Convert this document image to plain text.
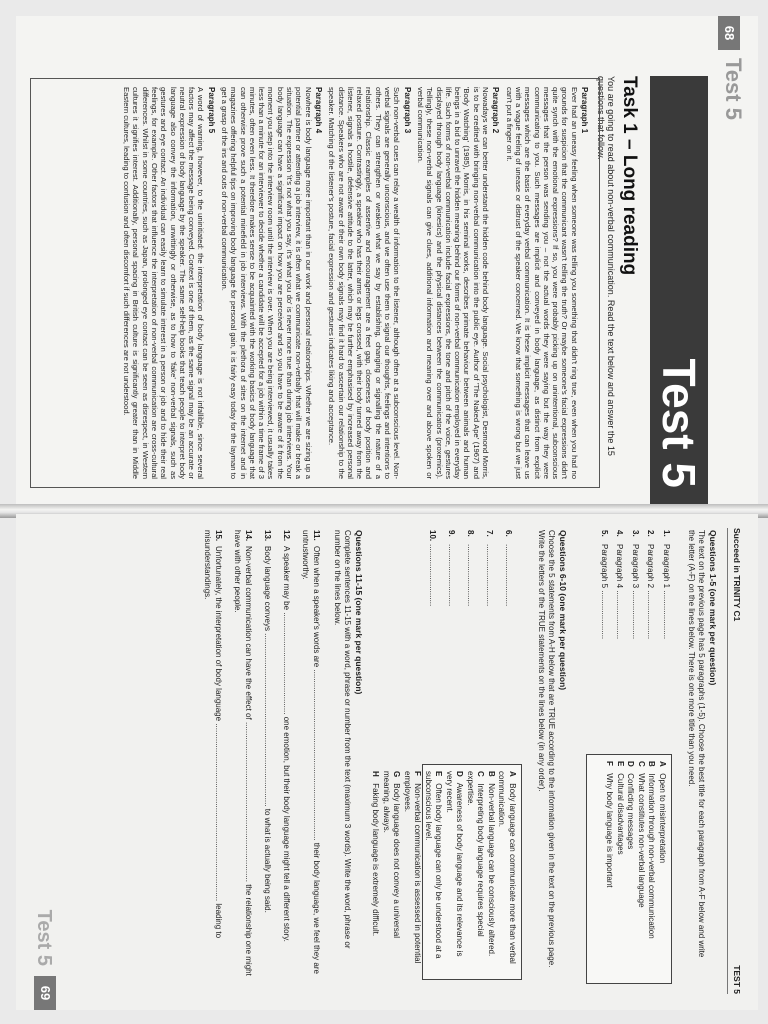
68
Test 5
Test 5
Task 1 – Long reading
You are going to read about non-verbal communication. Read the text below and answer the 15 questions that follow.
Paragraph 1
Ever had an uneasy feeling when someone was telling you something that didn't ring true, even when you had no grounds for suspicion that the communicant wasn't telling the truth? Or maybe someone's facial expressions didn't quite synch with the emotional expressions? If so, you were probably picking up on unintentional, subconscious messages that the person was sending you – not the actual words they were saying but the way they were communicating to you. Such messages are implicit and conveyed in body language, as distinct from explicit messages which are the basis of everyday verbal communication. It is these implicit messages that can leave us with a vague feeling of unease or distrust of the speaker concerned. We know that something is wrong but we just can't put a finger on it.
Paragraph 2
Nowadays we can better understand the hidden code behind body language. Social psychologist, Desmond Morris, is to be credited with bringing non-verbal communication into the public eye. Author of 'The Naked Ape' (1967) and 'Body Watching' (1985), Morris, in his seminal works, describes primate behaviour between animals and human beings in a bid to unravel the hidden meaning behind our forms of non-verbal communication employed in everyday life. Such forms of non-verbal communication include facial expressions, the tone and pitch of the voice, gestures displayed through body language (kinesics) and the physical distances between the communicators (proxemics). Tellingly, these non-verbal signals can give clues, additional information and meaning over and above spoken or verbal communication.
Paragraph 3
Such non-verbal cues can relay a wealth of information to the listener, although often at a subconscious level. Non-verbal signals are generally unconscious, and we often use them to signal our thoughts, feelings and intentions to others. They can strengthen or weaken what we say by establishing, changing or signalling the nature of a relationship. Classic examples of assertive and encouragement are a feet gap, closeness of body position and relaxed posture. Contrastingly, a speaker who has their arms or legs crossed, with their body turned away from the listener, signals a hostile, defensive attitude to the latter, which may be further emphasised by increased personal distance. Speakers who are not aware of their own body signals may find it hard to ascertain our relationship to the speaker. Matching of the listener's posture, facial expression and gestures indicates liking and acceptance.
Paragraph 4
Nowhere is body language more important than in our work and personal relationships. Whether we are sizing up a potential partner or attending a job interview, it is often what we communicate non-verbally that will make or break a situation. The expression 'it's not what you say, it's what you do' is never more true than during job interviews. Your body language can have a significant impact on how you are perceived and so you have to be aware of it from the moment you step into the interview room until the interview is over. When you are being interviewed, it usually takes less than a minute for an interviewer to decide whether a candidate will be accepted for a job within a time frame of 3 minutes, often even less. It therefore makes sense to be acquainted with the working basics of body language that can otherwise prove such a potential minefield in job interviews. With the plethora of sites on the internet and in magazines offering helpful tips on improving body language for personal gain, it is fairly easy today for the layman to get a grasp of the ins and outs of non-verbal communication.
Paragraph 5
A word of warning, however, to the uninitiated: the interpretation of body language is not infallible, since several factors may affect the message being conveyed. Context is one of them, as the same signal may be an accurate or neutral expression of body language by the speaker. The same self-help books that teach people to interpret body language also convey the information, unwittingly or otherwise, as to how to 'fake' non-verbal signals, such as gestures and eye contact. An individual can easily learn to simulate interest in a person or job and to hide their real feelings, for example. Other factors that influence the interpretation of non-verbal communication are cross-cultural differences. Whilst in some countries, such as Japan, prolonged eye contact can be seen as disrespect, in Western cultures it signifies interest. Additionally, personal spacing in British culture is significantly greater than in Middle Eastern cultures, leading to confusion and often discomfort if such differences are not understood.
Succeed in TRINITY C1
TEST 5
69
Test 5
Questions 1-5 (one mark per question)
The text on the previous page has 5 paragraphs (1-5). Choose the best title for each paragraph from A-F below and write the letter (A-F) on the lines below. There is one more title than you need.
1.Paragraph 1 ......................
2.Paragraph 2 ......................
3.Paragraph 3 ......................
4.Paragraph 4 ......................
5.Paragraph 5 ......................
A Open to misinterpretation
B Information through non-verbal communication
C What constitutes non-verbal language
D Conflicting messages
E Cultural disadvantages
F Why body language is important
Questions 6-10 (one mark per question)
Choose the 5 statements from A-H below that are TRUE according to the information given in the text on the previous page. Write the letters of the TRUE statements on the lines below (in any order).
6.............................
7.............................
8.............................
9.............................
10.............................
A Body language can communicate more than verbal communication.
B Non-verbal language can be consciously altered.
C Interpreting body language requires special expertise.
D Awareness of body language and its relevance is very recent.
E Often body language can only be understood at a subconscious level.
F Non-verbal communication is assessed in potential employees.
G Body language does not convey a universal meaning, always.
H Faking body language is extremely difficult.
Questions 11-15 (one mark per question)
Complete sentences 11-15 with a word, phrase or number from the text (maximum 3 words). Write the word, phrase or number on the lines below.
11.Often when a speaker's words are ............................................................................. their body language, we feel they are untrustworthy.
12.A speaker may be .............................................. one emotion, but their body language might tell a different story.
13.Body language conveys .............................................................................. to what is actually being said.
14.Non-verbal communication can have the effect of ........................................................................ the relationship one might have with other people.
15.Unfortunately, the interpretation of body language ................................................................................ leading to misunderstandings.
